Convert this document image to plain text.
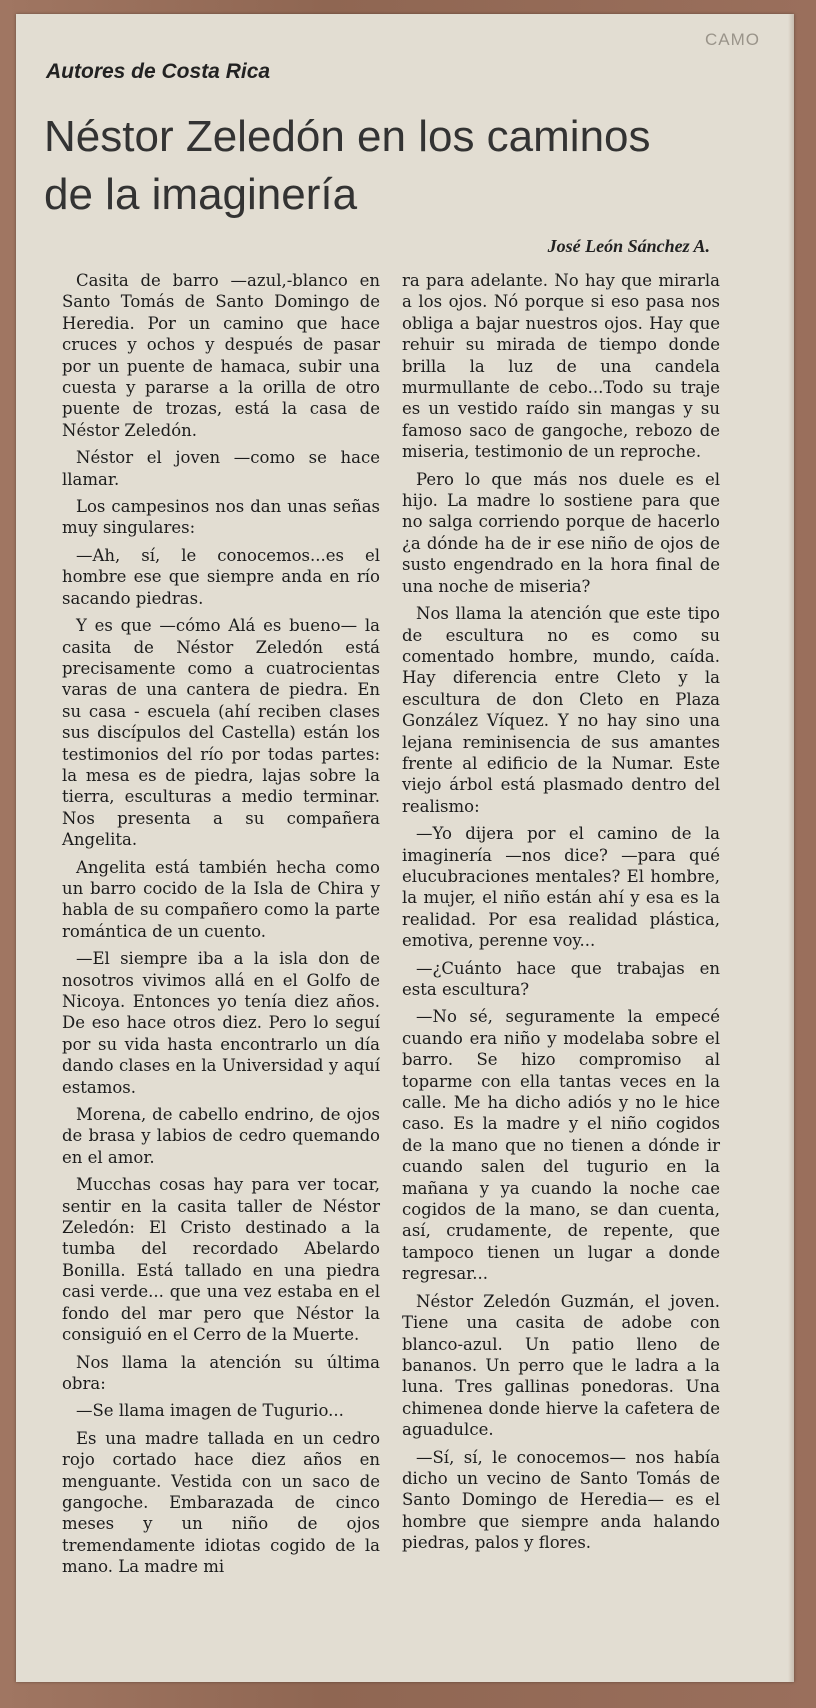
CAMO
Autores de Costa Rica
Néstor Zeledón en los caminos de la imaginería
José León Sánchez A.

Casita de barro —azul,-blanco en Santo Tomás de Santo Domingo de Heredia. Por un camino que hace cruces y ochos y después de pasar por un puente de hamaca, subir una cuesta y pararse a la orilla de otro puente de trozas, está la casa de Néstor Zeledón.

Néstor el joven —como se hace llamar.

Los campesinos nos dan unas señas muy singulares:

—Ah, sí, le conocemos...es el hombre ese que siempre anda en río sacando piedras.

Y es que —cómo Alá es bueno— la casita de Néstor Zeledón está precisamente como a cuatrocientas varas de una cantera de piedra. En su casa - escuela (ahí reciben clases sus discípulos del Castella) están los testimonios del río por todas partes: la mesa es de piedra, lajas sobre la tierra, esculturas a medio terminar. Nos presenta a su compañera Angelita.

Angelita está también hecha como un barro cocido de la Isla de Chira y habla de su compañero como la parte romántica de un cuento.

—El siempre iba a la isla don de nosotros vivimos allá en el Golfo de Nicoya. Entonces yo tenía diez años. De eso hace otros diez. Pero lo seguí por su vida hasta encontrarlo un día dando clases en la Universidad y aquí estamos.

Morena, de cabello endrino, de ojos de brasa y labios de cedro quemando en el amor.

Mucchas cosas hay para ver tocar, sentir en la casita taller de Néstor Zeledón: El Cristo destinado a la tumba del recordado Abelardo Bonilla. Está tallado en una piedra casi verde... que una vez estaba en el fondo del mar pero que Néstor la consiguió en el Cerro de la Muerte.

Nos llama la atención su última obra:

—Se llama imagen de Tugurio...

Es una madre tallada en un cedro rojo cortado hace diez años en menguante. Vestida con un saco de gangoche. Embarazada de cinco meses y un niño de ojos tremendamente idiotas cogido de la mano. La madre mi

ra para adelante. No hay que mirarla a los ojos. Nó porque si eso pasa nos obliga a bajar nuestros ojos. Hay que rehuir su mirada de tiempo donde brilla la luz de una candela murmullante de cebo...Todo su traje es un vestido raído sin mangas y su famoso saco de gangoche, rebozo de miseria, testimonio de un reproche.

Pero lo que más nos duele es el hijo. La madre lo sostiene para que no salga corriendo porque de hacerlo ¿a dónde ha de ir ese niño de ojos de susto engendrado en la hora final de una noche de miseria?

Nos llama la atención que este tipo de escultura no es como su comentado hombre, mundo, caída. Hay diferencia entre Cleto y la escultura de don Cleto en Plaza González Víquez. Y no hay sino una lejana reminisencia de sus amantes frente al edificio de la Numar. Este viejo árbol está plasmado dentro del realismo:

—Yo dijera por el camino de la imaginería —nos dice? —para qué elucubraciones mentales? El hombre, la mujer, el niño están ahí y esa es la realidad. Por esa realidad plástica, emotiva, perenne voy...

—¿Cuánto hace que trabajas en esta escultura?

—No sé, seguramente la empecé cuando era niño y modelaba sobre el barro. Se hizo compromiso al toparme con ella tantas veces en la calle. Me ha dicho adiós y no le hice caso. Es la madre y el niño cogidos de la mano que no tienen a dónde ir cuando salen del tugurio en la mañana y ya cuando la noche cae cogidos de la mano, se dan cuenta, así, crudamente, de repente, que tampoco tienen un lugar a donde regresar...

Néstor Zeledón Guzmán, el joven. Tiene una casita de adobe con blanco-azul. Un patio lleno de bananos. Un perro que le ladra a la luna. Tres gallinas ponedoras. Una chimenea donde hierve la cafetera de aguadulce.

—Sí, sí, le conocemos— nos había dicho un vecino de Santo Tomás de Santo Domingo de Heredia— es el hombre que siempre anda halando piedras, palos y flores.
